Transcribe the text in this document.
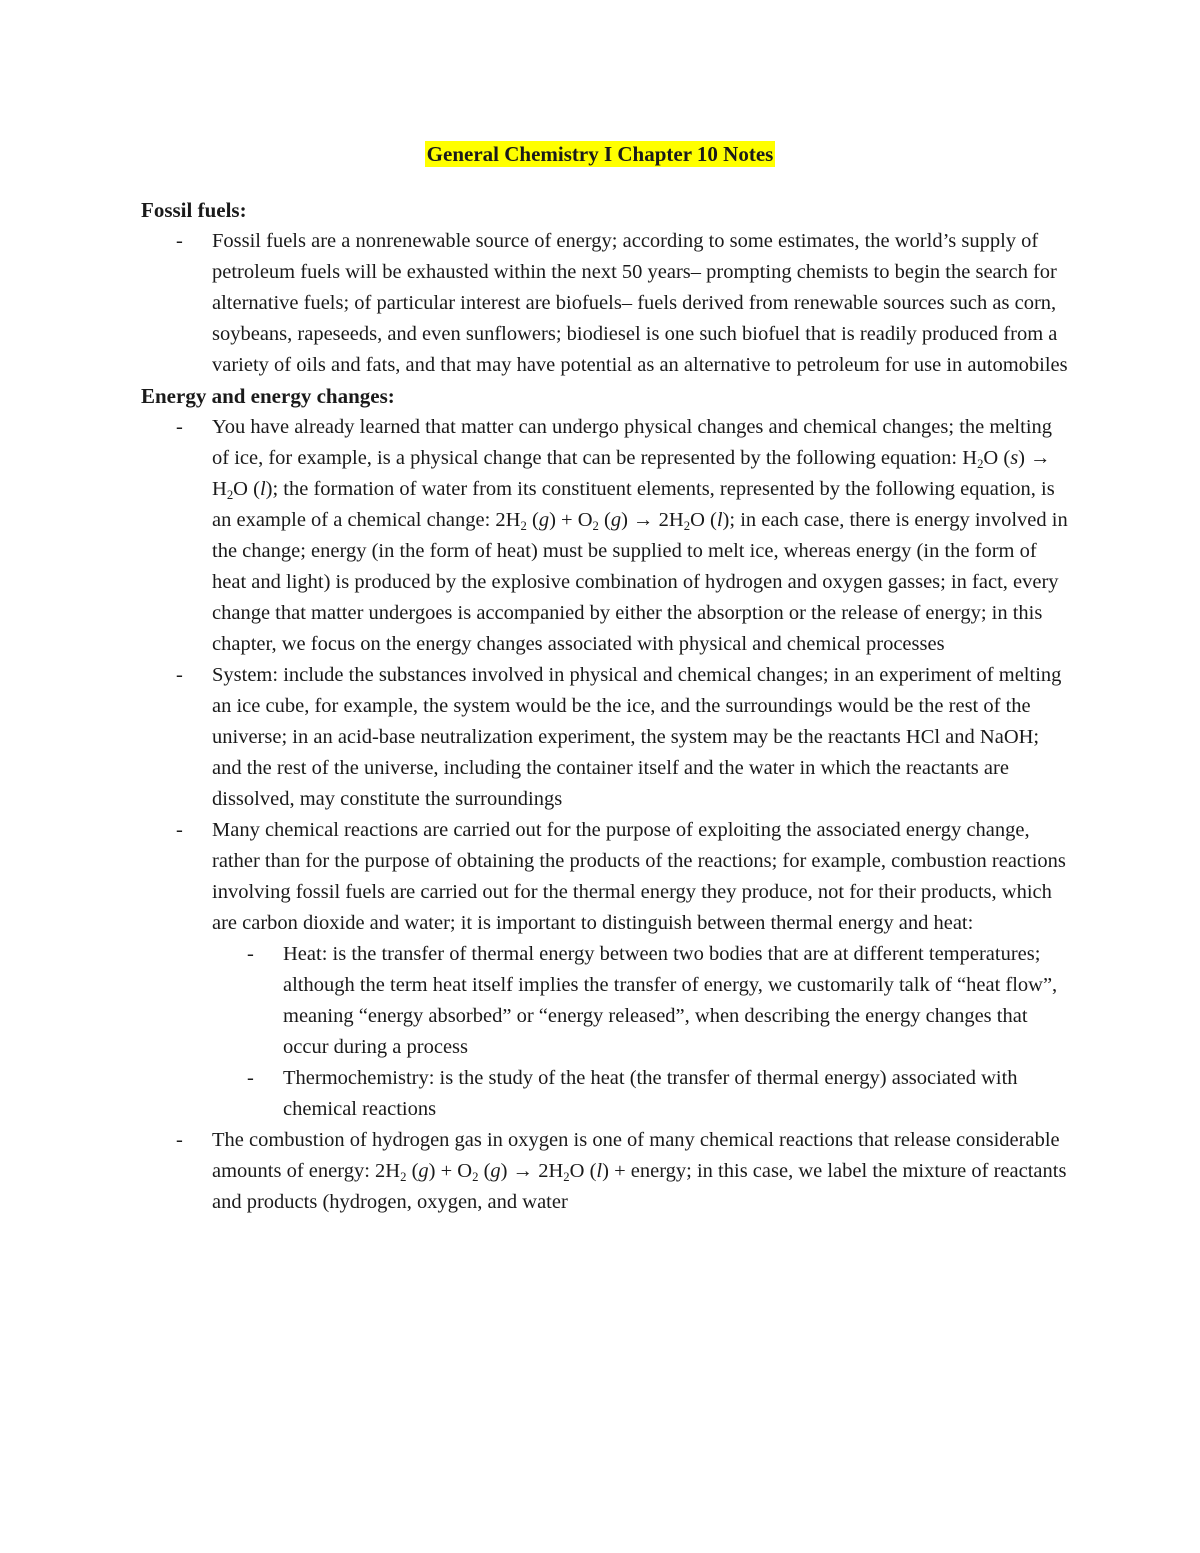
General Chemistry I Chapter 10 Notes

Fossil fuels:

- Fossil fuels are a nonrenewable source of energy; according to some estimates, the world’s supply of petroleum fuels will be exhausted within the next 50 years– prompting chemists to begin the search for alternative fuels; of particular interest are biofuels– fuels derived from renewable sources such as corn, soybeans, rapeseeds, and even sunflowers; biodiesel is one such biofuel that is readily produced from a variety of oils and fats, and that may have potential as an alternative to petroleum for use in automobiles

Energy and energy changes:

- You have already learned that matter can undergo physical changes and chemical changes; the melting of ice, for example, is a physical change that can be represented by the following equation: $H_2O$ $(s) \to H_2O$ (l); the formation of water from its constituent elements, represented by the following equation, is an example of a chemical change: $2H_2$ $(g) + O_2$ $(g) \to 2H_2O$ (l); in each case, there is energy involved in the change; energy (in the form of heat) must be supplied to melt ice, whereas energy (in the form of heat and light) is produced by the explosive combination of hydrogen and oxygen gasses; in fact, every change that matter undergoes is accompanied by either the absorption or the release of energy; in this chapter, we focus on the energy changes associated with physical and chemical processes

- System: include the substances involved in physical and chemical changes; in an experiment of melting an ice cube, for example, the system would be the ice, and the surroundings would be the rest of the universe; in an acid-base neutralization experiment, the system may be the reactants HCl and NaOH; and the rest of the universe, including the container itself and the water in which the reactants are dissolved, may constitute the surroundings

- Many chemical reactions are carried out for the purpose of exploiting the associated energy change, rather than for the purpose of obtaining the products of the reactions; for example, combustion reactions involving fossil fuels are carried out for the thermal energy they produce, not for their products, which are carbon dioxide and water; it is important to distinguish between thermal energy and heat:

- Heat: is the transfer of thermal energy between two bodies that are at different temperatures; although the term heat itself implies the transfer of energy, we customarily talk of “heat flow”, meaning “energy absorbed” or “energy released”, when describing the energy changes that occur during a process

- Thermochemistry: is the study of the heat (the transfer of thermal energy) associated with chemical reactions

- The combustion of hydrogen gas in oxygen is one of many chemical reactions that release considerable amounts of energy: $2H_2$ $(g) + O_2$ $(g) \to 2H_2O$ (l) + energy; in this case, we label the mixture of reactants and products (hydrogen, oxygen, and water
